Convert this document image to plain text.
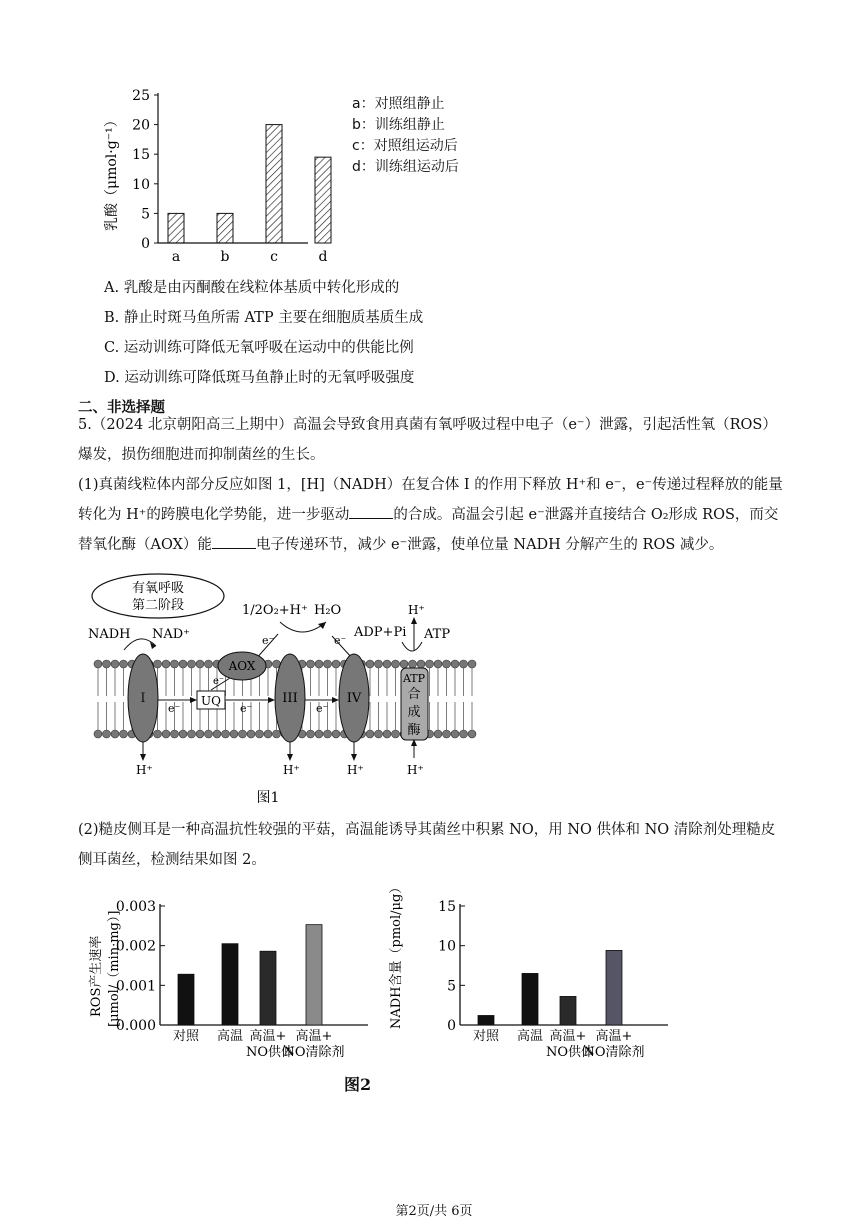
0
5
10
15
20
25
a	b	c	d
乳酸（μmol·g⁻¹）
a：对照组静止
b：训练组静止
c：对照组运动后
d：训练组运动后
A. 乳酸是由丙酮酸在线粒体基质中转化形成的
B. 静止时斑马鱼所需 ATP 主要在细胞质基质生成
C. 运动训练可降低无氧呼吸在运动中的供能比例
D. 运动训练可降低斑马鱼静止时的无氧呼吸强度
二、非选择题
5.（2024 北京朝阳高三上期中）高温会导致食用真菌有氧呼吸过程中电子（e⁻）泄露，引起活性氧（ROS）
爆发，损伤细胞进而抑制菌丝的生长。
(1)真菌线粒体内部分反应如图 1，[H]（NADH）在复合体 I 的作用下释放 H⁺和 e⁻，e⁻传递过程释放的能量
转化为 H⁺的跨膜电化学势能，进一步驱动	的合成。高温会引起 e⁻泄露并直接结合 O₂形成 ROS，而交
替氧化酶（AOX）能	电子传递环节，减少 e⁻泄露，使单位量 NADH 分解产生的 ROS 减少。
有氧呼吸
第二阶段
NADH NAD⁺
1/2O₂+H⁺ H₂O
e⁻	e⁻
ADP+Pi ATP
H⁺
I	UQ
AOX
III	IV
ATP
合
成
酶
e⁻	e⁻	e⁻
e⁻
H⁺	H⁺	H⁺	H⁺
图1
(2)糙皮侧耳是一种高温抗性较强的平菇，高温能诱导其菌丝中积累 NO，用 NO 供体和 NO 清除剂处理糙皮
侧耳菌丝，检测结果如图 2。
0.000
0.001
0.002
0.003
对照 高温 高温+
NO供体
高温+
NO清除剂
ROS产生速率 [μmol/（min·mg）]	0
5
10
15
对照 高温 高温+
NO供体
高温+
NO清除剂
NADH含量（pmol/μg）
图2
第2页/共 6页
